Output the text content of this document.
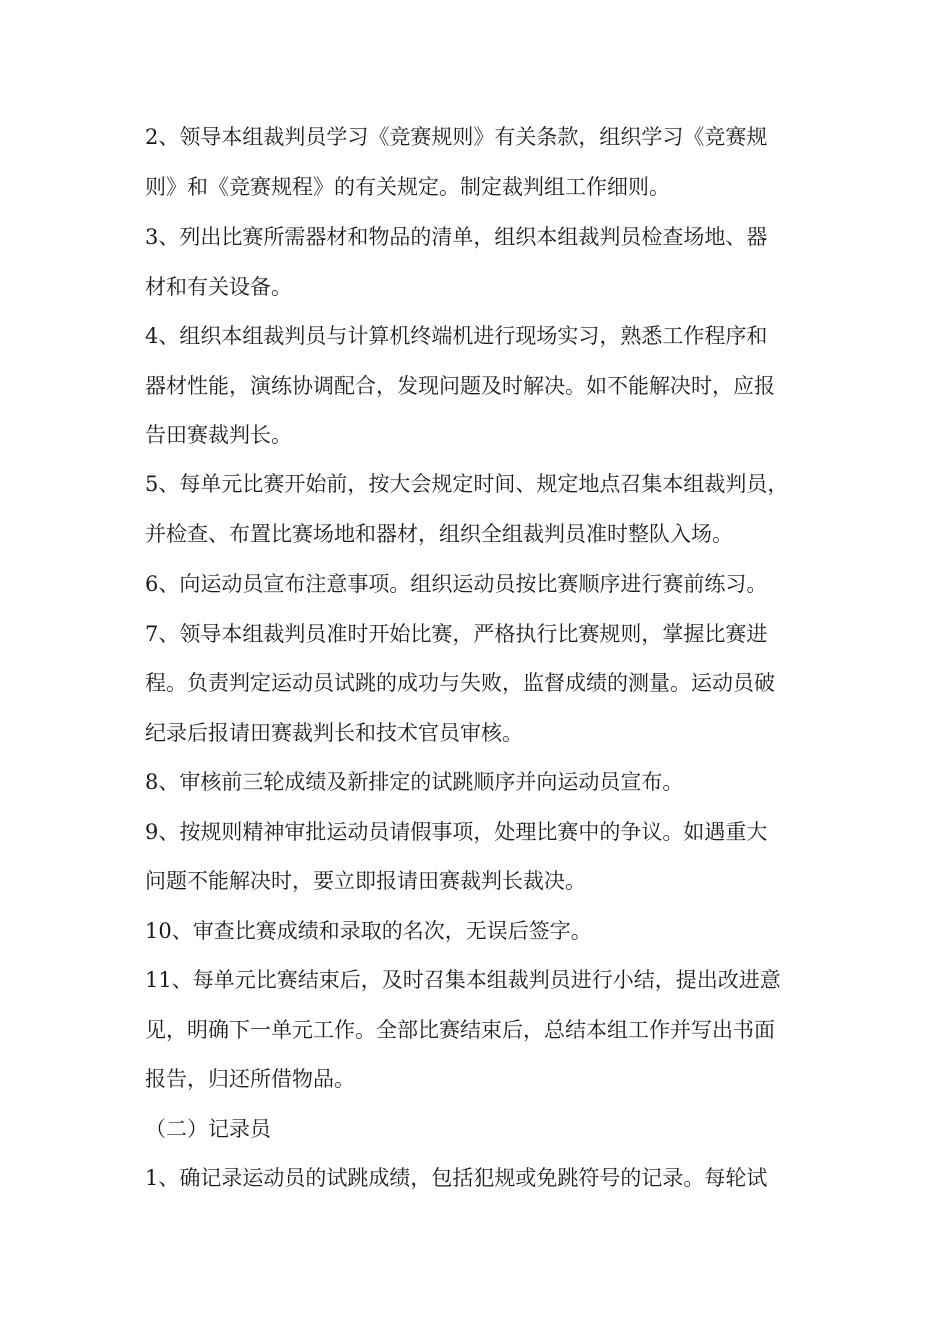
2、领导本组裁判员学习《竞赛规则》有关条款，组织学习《竞赛规
则》和《竞赛规程》的有关规定。制定裁判组工作细则。
3、列出比赛所需器材和物品的清单，组织本组裁判员检查场地、器
材和有关设备。
4、组织本组裁判员与计算机终端机进行现场实习，熟悉工作程序和
器材性能，演练协调配合，发现问题及时解决。如不能解决时，应报
告田赛裁判长。
5、每单元比赛开始前，按大会规定时间、规定地点召集本组裁判员，
并检查、布置比赛场地和器材，组织全组裁判员准时整队入场。
6、向运动员宣布注意事项。组织运动员按比赛顺序进行赛前练习。
7、领导本组裁判员准时开始比赛，严格执行比赛规则，掌握比赛进
程。负责判定运动员试跳的成功与失败，监督成绩的测量。运动员破
纪录后报请田赛裁判长和技术官员审核。
8、审核前三轮成绩及新排定的试跳顺序并向运动员宣布。
9、按规则精神审批运动员请假事项，处理比赛中的争议。如遇重大
问题不能解决时，要立即报请田赛裁判长裁决。
10、审查比赛成绩和录取的名次，无误后签字。
11、每单元比赛结束后，及时召集本组裁判员进行小结，提出改进意
见，明确下一单元工作。全部比赛结束后，总结本组工作并写出书面
报告，归还所借物品。
（二）记录员
1、确记录运动员的试跳成绩，包括犯规或免跳符号的记录。每轮试
